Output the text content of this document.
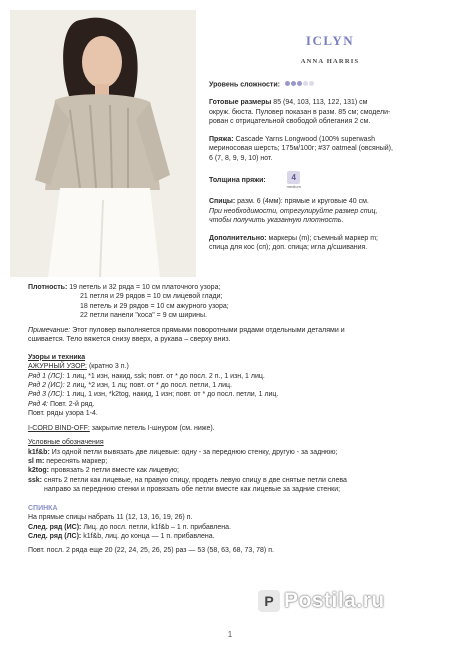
ICLYN
ANNA HARRIS

Уровень сложности:

Готовые размеры 85 (94, 103, 113, 122, 131) см

окруж. бюста. Пуловер показан в разм. 85 см; смодели-

рован с отрицательной свободой облегания 2 см.

Пряжа: Cascade Yarns Longwood (100% superwash

мериносовая шерсть; 175м/100г; #37 oatmeal (овсяный),

6 (7, 8, 9, 9, 10) нот.

Толщина пряжи:	4
medium

Спицы: разм. 6 (4мм): прямые и круговые 40 см.

При необходимости, отрегулируйте размер спиц,

чтобы получить указанную плотность.

Дополнительно: маркеры (m); съемный маркер m;

спица для кос (сп); доп. спица; игла д/сшивания.

Плотность: 19 петель и 32 ряда = 10 см платочного узора;

21 петля и 29 рядов = 10 см лицевой глади;

18 петель и 29 рядов = 10 см ажурного узора;

22 петли панели "коса" = 9 см ширины.

Примечание: Этот пуловер выполняется прямыми поворотными рядами отдельными деталями и

сшивается. Тело вяжется снизу вверх, а рукава – сверху вниз.

Узоры и техника

АЖУРНЫЙ УЗОР: (кратно 3 п.)

Ряд 1 (ЛС): 1 лиц, *1 изн, накид, ssk; повт. от * до посл. 2 п., 1 изн, 1 лиц.

Ряд 2 (ИС): 2 лиц, *2 изн, 1 лц; повт. от * до посл. петли, 1 лиц.

Ряд 3 (ЛС): 1 лиц, 1 изн, *k2tog, накид, 1 изн; повт. от * до посл. петли, 1 лиц.

Ряд 4: Повт. 2-й ряд.

Повт. ряды узора 1-4.

I-CORD BIND-OFF: закрытие петель I-шнуром (см. ниже).

Условные обозначения

k1f&b: Из одной петли вывязать две лицевые: одну - за переднюю стенку, другую - за заднюю;

sl m: переснять маркер;

k2tog: провязать 2 петли вместе как лицевую;

ssk: снять 2 петли как лицевые, на правую спицу, продеть левую спицу в две снятые петли слева

направо за переднюю стенки и провязать обе петли вместе как лицевые за задние стенки;

СПИНКА

На прямые спицы набрать 11 (12, 13, 16, 19, 26) п.

След. ряд (ИС): Лиц. до посл. петли, k1f&b – 1 п. прибавлена.

След. ряд (ЛС): k1f&b, лиц. до конца — 1 п. прибавлена.

Повт. посл. 2 ряда еще 20 (22, 24, 25, 26, 25) раз — 53 (58, 63, 68, 73, 78) п.

P Postila.ru
1
